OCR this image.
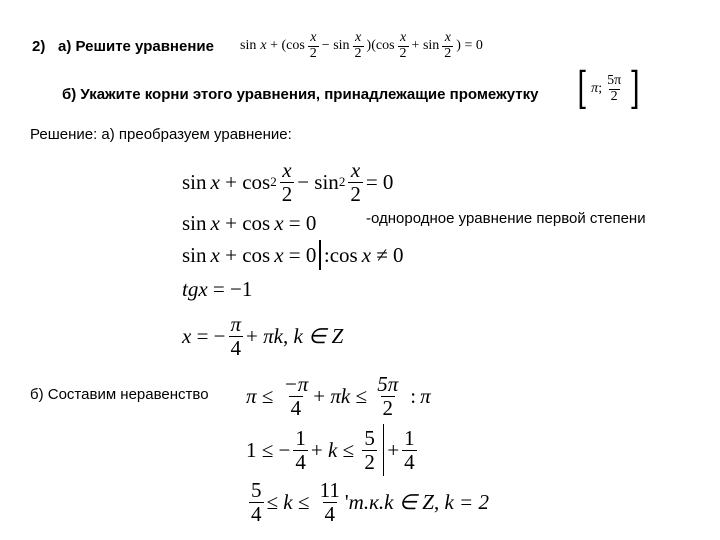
2) а) Решите уравнение sin x + ( $\cos \frac{x}{2} - \sin \frac{x}{2}$ )( $\cos \frac{x}{2} + \sin \frac{x}{2}$ ) = 0
б) Укажите корни этого уравнения, принадлежащие промежутку [ π ; $\frac{5\pi}{2}$ ]
Решение: а) преобразуем уравнение:
$\sin x + \cos 2 \frac{x}{2} - \sin 2 \frac{x}{2} = 0$
sin x + cos x = 0	-однородное уравнение первой степени
sin x + cos x = 0 : cos x
≠ 0
tgx = −1
x = − $\frac{\pi}{4} + \pi k$ , k ∈ Z
б) Составим неравенство $\pi \le \frac{-\pi}{4} + \pi k \le \frac{5\pi}{2}$ : π
1 ≤ − $\frac{1}{4} + k \le \frac{5}{2} + \frac{1}{4}$
$\frac{5}{4} \le k \le \frac{11}{4}$ ' m.к. k ∈ Z , k = 2
